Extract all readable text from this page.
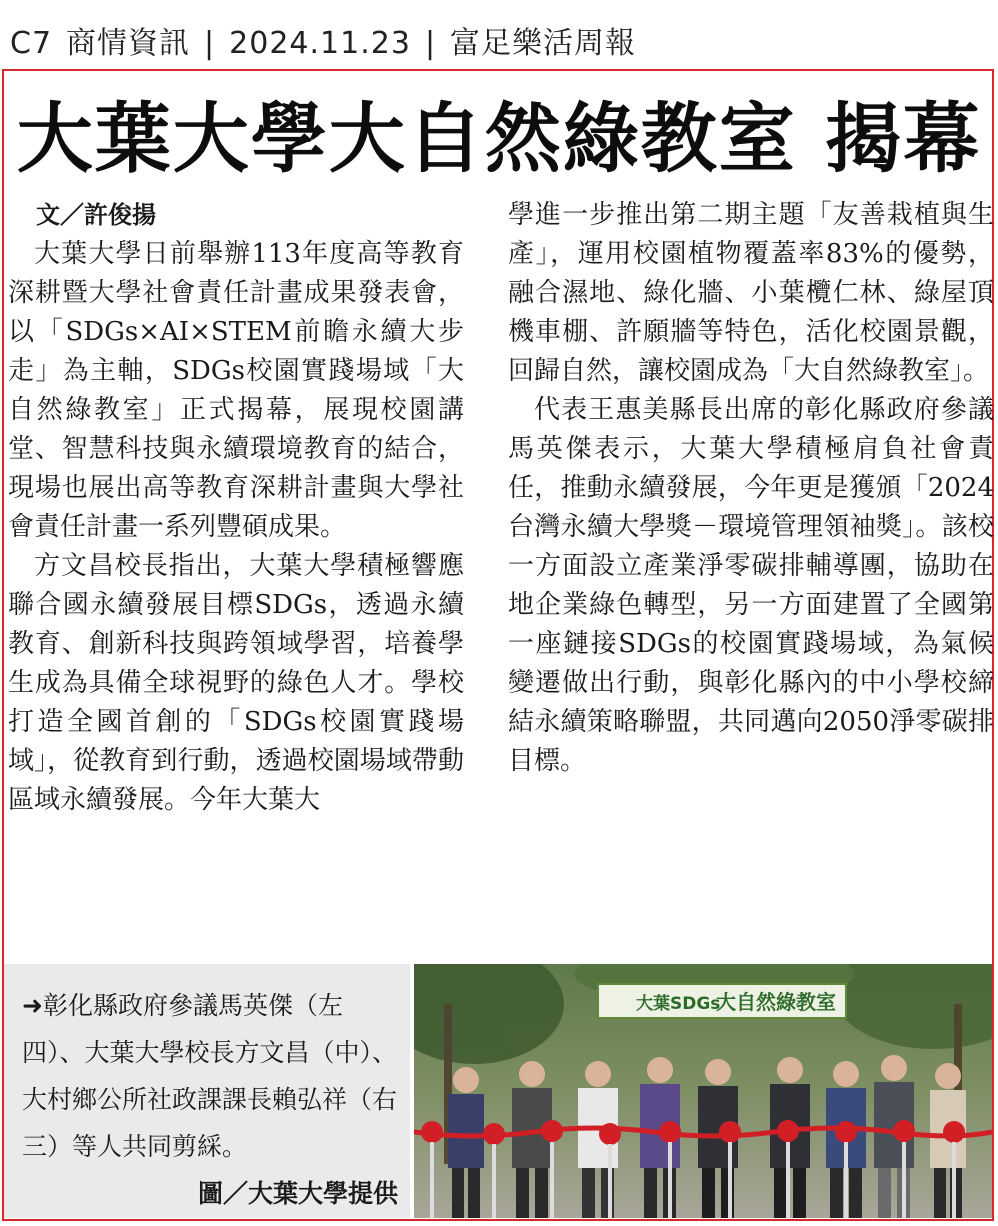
C7 商情資訊 | 2024.11.23 | 富足樂活周報
大葉大學大自然綠教室 揭幕
文／許俊揚

大葉大學日前舉辦113年度高等教育深耕暨大學社會責任計畫成果發表會，以「SDGs×AI×STEM前瞻永續大步走」為主軸，SDGs校園實踐場域「大自然綠教室」正式揭幕，展現校園講堂、智慧科技與永續環境教育的結合，現場也展出高等教育深耕計畫與大學社會責任計畫一系列豐碩成果。

方文昌校長指出，大葉大學積極響應聯合國永續發展目標SDGs，透過永續教育、創新科技與跨領域學習，培養學生成為具備全球視野的綠色人才。學校打造全國首創的「SDGs校園實踐場域」，從教育到行動，透過校園場域帶動區域永續發展。今年大葉大

學進一步推出第二期主題「友善栽植與生產」，運用校園植物覆蓋率83%的優勢，融合濕地、綠化牆、小葉欖仁林、綠屋頂機車棚、許願牆等特色，活化校園景觀，回歸自然，讓校園成為「大自然綠教室」。

代表王惠美縣長出席的彰化縣政府參議馬英傑表示，大葉大學積極肩負社會責任，推動永續發展，今年更是獲頒「2024台灣永續大學獎－環境管理領袖獎」。該校一方面設立產業淨零碳排輔導團，協助在地企業綠色轉型，另一方面建置了全國第一座鏈接SDGs的校園實踐場域，為氣候變遷做出行動，與彰化縣內的中小學校締結永續策略聯盟，共同邁向2050淨零碳排目標。

➜彰化縣政府參議馬英傑（左四）、大葉大學校長方文昌（中）、大村鄉公所社政課課長賴弘祥（右三）等人共同剪綵。
圖／大葉大學提供
大葉SDGs
大自然綠教室
